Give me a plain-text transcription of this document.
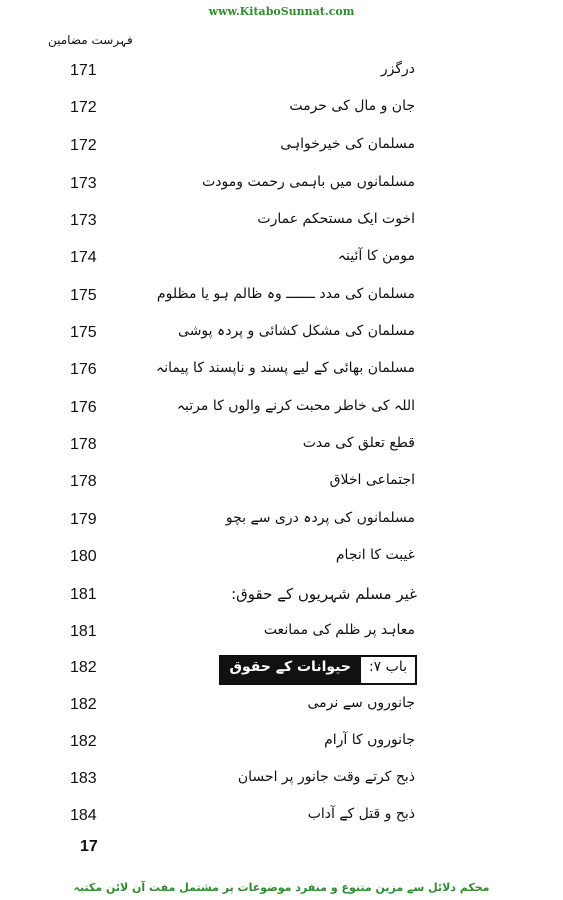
www.KitaboSunnat.com
فہرست مضامین
171	درگزر
172	جان و مال کی حرمت
172	مسلمان کی خیرخواہی
173	مسلمانوں میں باہمی رحمت ومودت
173	اخوت ایک مستحکم عمارت
174	مومن کا آئینہ
175	مسلمان کی مدد ـــــــ وہ ظالم ہو یا مظلوم
175	مسلمان کی مشکل کشائی و پردہ پوشی
176	مسلمان بھائی کے لیے پسند و ناپسند کا پیمانہ
176	اللہ کی خاطر محبت کرنے والوں کا مرتبہ
178	قطع تعلق کی مدت
178	اجتماعی اخلاق
179	مسلمانوں کی پردہ دری سے بچو
180	غیبت کا انجام
181	غیر مسلم شہریوں کے حقوق:
181	معاہد پر ظلم کی ممانعت
182	باب ۷:
حیوانات کے حقوق
182	جانوروں سے نرمی
182	جانوروں کا آرام
183	ذبح کرتے وقت جانور پر احسان
184	ذبح و قتل کے آداب
17
محکم دلائل سے مزین متنوع و منفرد موضوعات پر مشتمل مفت آن لائن مکتبہ
